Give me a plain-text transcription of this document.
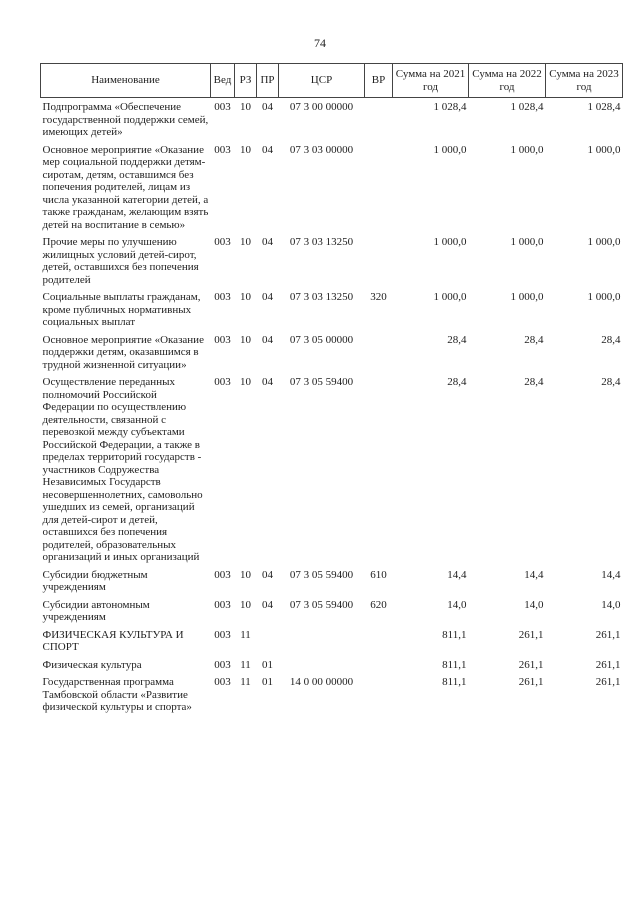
74
Наименование	Вед	РЗ	ПР	ЦСР	ВР	Сумма на 2021 год	Сумма на 2022 год	Сумма на 2023 год
Подпрограмма «Обеспечение государственной поддержки семей, имеющих детей»	003	10	04	07 3 00 00000		1 028,4	1 028,4	1 028,4
Основное мероприятие «Оказание мер социальной поддержки детям-сиротам, детям, оставшимся без попечения родителей, лицам из числа указанной категории детей, а также гражданам, желающим взять детей на воспитание в семью»	003	10	04	07 3 03 00000		1 000,0	1 000,0	1 000,0
Прочие меры по улучшению жилищных условий детей-сирот, детей, оставшихся без попечения родителей	003	10	04	07 3 03 13250		1 000,0	1 000,0	1 000,0
Социальные выплаты гражданам, кроме публичных нормативных социальных выплат	003	10	04	07 3 03 13250	320	1 000,0	1 000,0	1 000,0
Основное мероприятие «Оказание поддержки детям, оказавшимся в трудной жизненной ситуации»	003	10	04	07 3 05 00000		28,4	28,4	28,4
Осуществление переданных полномочий Российской Федерации по осуществлению деятельности, связанной с перевозкой между субъектами Российской Федерации, а также в пределах территорий государств - участников Содружества Независимых Государств несовершеннолетних, самовольно ушедших из семей, организаций для детей-сирот и детей, оставшихся без попечения родителей, образовательных организаций и иных организаций	003	10	04	07 3 05 59400		28,4	28,4	28,4
Субсидии бюджетным учреждениям	003	10	04	07 3 05 59400	610	14,4	14,4	14,4
Субсидии автономным учреждениям	003	10	04	07 3 05 59400	620	14,0	14,0	14,0
ФИЗИЧЕСКАЯ КУЛЬТУРА И СПОРТ	003	11				811,1	261,1	261,1
Физическая культура	003	11	01			811,1	261,1	261,1
Государственная программа Тамбовской области «Развитие физической культуры и спорта»	003	11	01	14 0 00 00000		811,1	261,1	261,1
